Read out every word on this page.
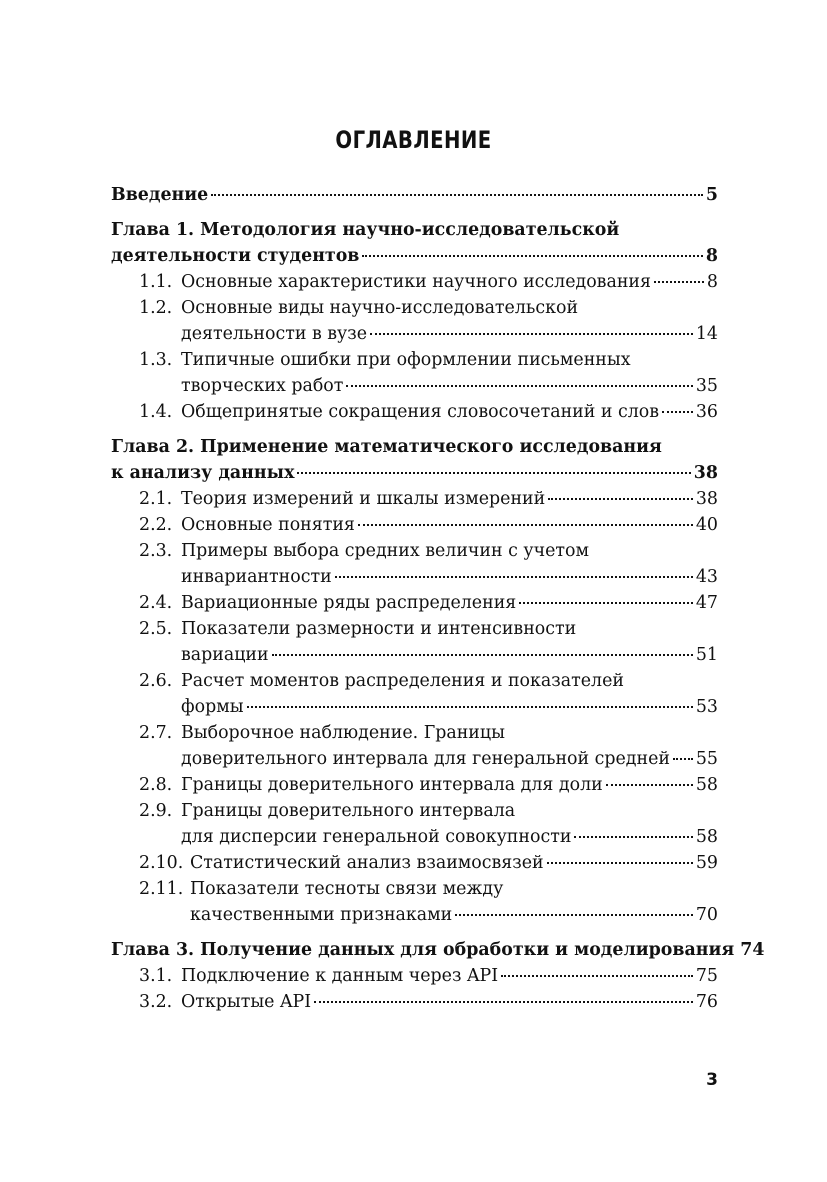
ОГЛАВЛЕНИЕ
Введение	5
Глава 1. Методология научно-исследовательской
деятельности студентов	8
1.1. Основные характеристики научного исследования	8
1.2. Основные виды научно-исследовательской
деятельности в вузе	14
1.3. Типичные ошибки при оформлении письменных
творческих работ	35
1.4. Общепринятые сокращения словосочетаний и слов 36
Глава 2. Применение математического исследования
к анализу данных	38
2.1. Теория измерений и шкалы измерений	38
2.2. Основные понятия	40
2.3. Примеры выбора средних величин с учетом
инвариантности	43
2.4. Вариационные ряды распределения	47
2.5. Показатели размерности и интенсивности
вариации	51
2.6. Расчет моментов распределения и показателей
формы	53
2.7. Выборочное наблюдение. Границы
доверительного интервала для генеральной средней 55
2.8. Границы доверительного интервала для доли	58
2.9. Границы доверительного интервала
для дисперсии генеральной совокупности	58
2.10. Статистический анализ взаимосвязей	59
2.11. Показатели тесноты связи между
качественными признаками	70
Глава 3. Получение данных для обработки и моделирования 74
3.1. Подключение к данным через API	75
3.2. Открытые API	76
3
